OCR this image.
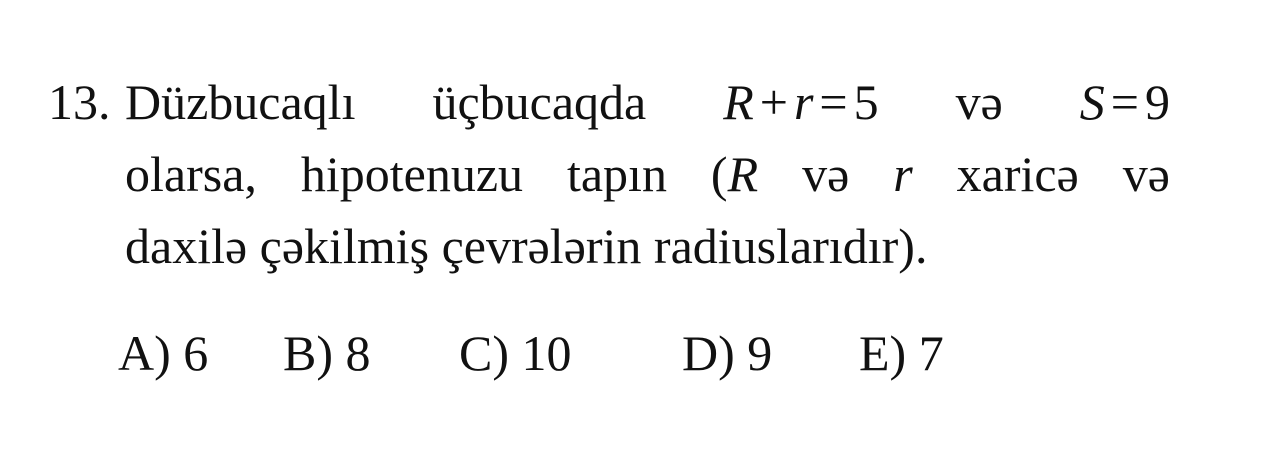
13. Düzbucaqlı üçbucaqda R + r = 5 və S = 9
olarsa, hipotenuzu tapın (R və r xaricə və
daxilə çəkilmiş çevrələrin radiuslarıdır).
A) 6 B) 8 C) 10 D) 9 E) 7
